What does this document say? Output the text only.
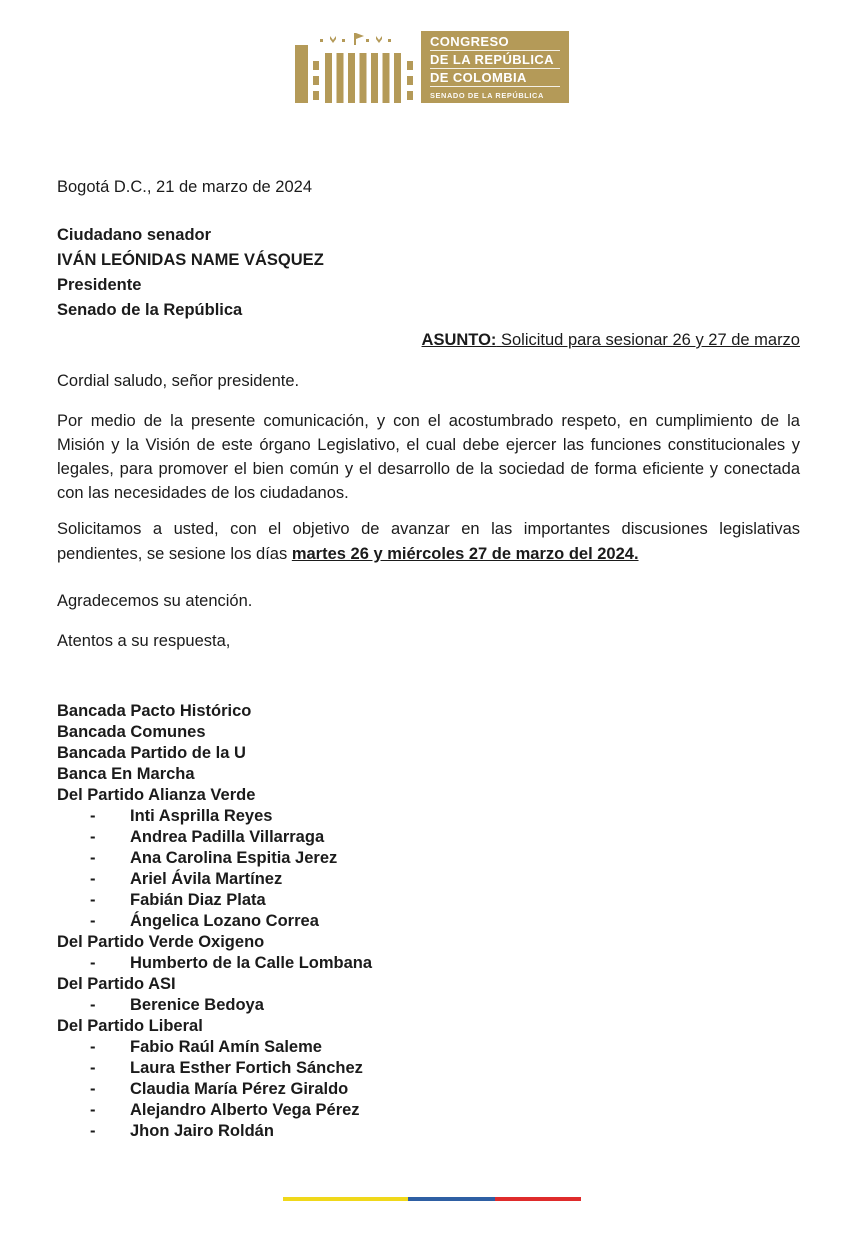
CONGRESO
DE LA REPÚBLICA
DE COLOMBIA
SENADO DE LA REPÚBLICA
Bogotá D.C., 21 de marzo de 2024
Ciudadano senador
IVÁN LEÓNIDAS NAME VÁSQUEZ
Presidente
Senado de la República
ASUNTO: Solicitud para sesionar 26 y 27 de marzo
Cordial saludo, señor presidente.
Por medio de la presente comunicación, y con el acostumbrado respeto, en cumplimiento de la Misión y la Visión de este órgano Legislativo, el cual debe ejercer las funciones constitucionales y legales, para promover el bien común y el desarrollo de la sociedad de forma eficiente y conectada con las necesidades de los ciudadanos.
Solicitamos a usted, con el objetivo de avanzar en las importantes discusiones legislativas pendientes, se sesione los días martes 26 y miércoles 27 de marzo del 2024.
Agradecemos su atención.
Atentos a su respuesta,
Bancada Pacto Histórico
Bancada Comunes
Bancada Partido de la U
Banca En Marcha
Del Partido Alianza Verde
-	Inti Asprilla Reyes
-	Andrea Padilla Villarraga
-	Ana Carolina Espitia Jerez
-	Ariel Ávila Martínez
-	Fabián Diaz Plata
-	Ángelica Lozano Correa
Del Partido Verde Oxigeno
-	Humberto de la Calle Lombana
Del Partido ASI
-	Berenice Bedoya
Del Partido Liberal
-	Fabio Raúl Amín Saleme
-	Laura Esther Fortich Sánchez
-	Claudia María Pérez Giraldo
-	Alejandro Alberto Vega Pérez
-	Jhon Jairo Roldán
